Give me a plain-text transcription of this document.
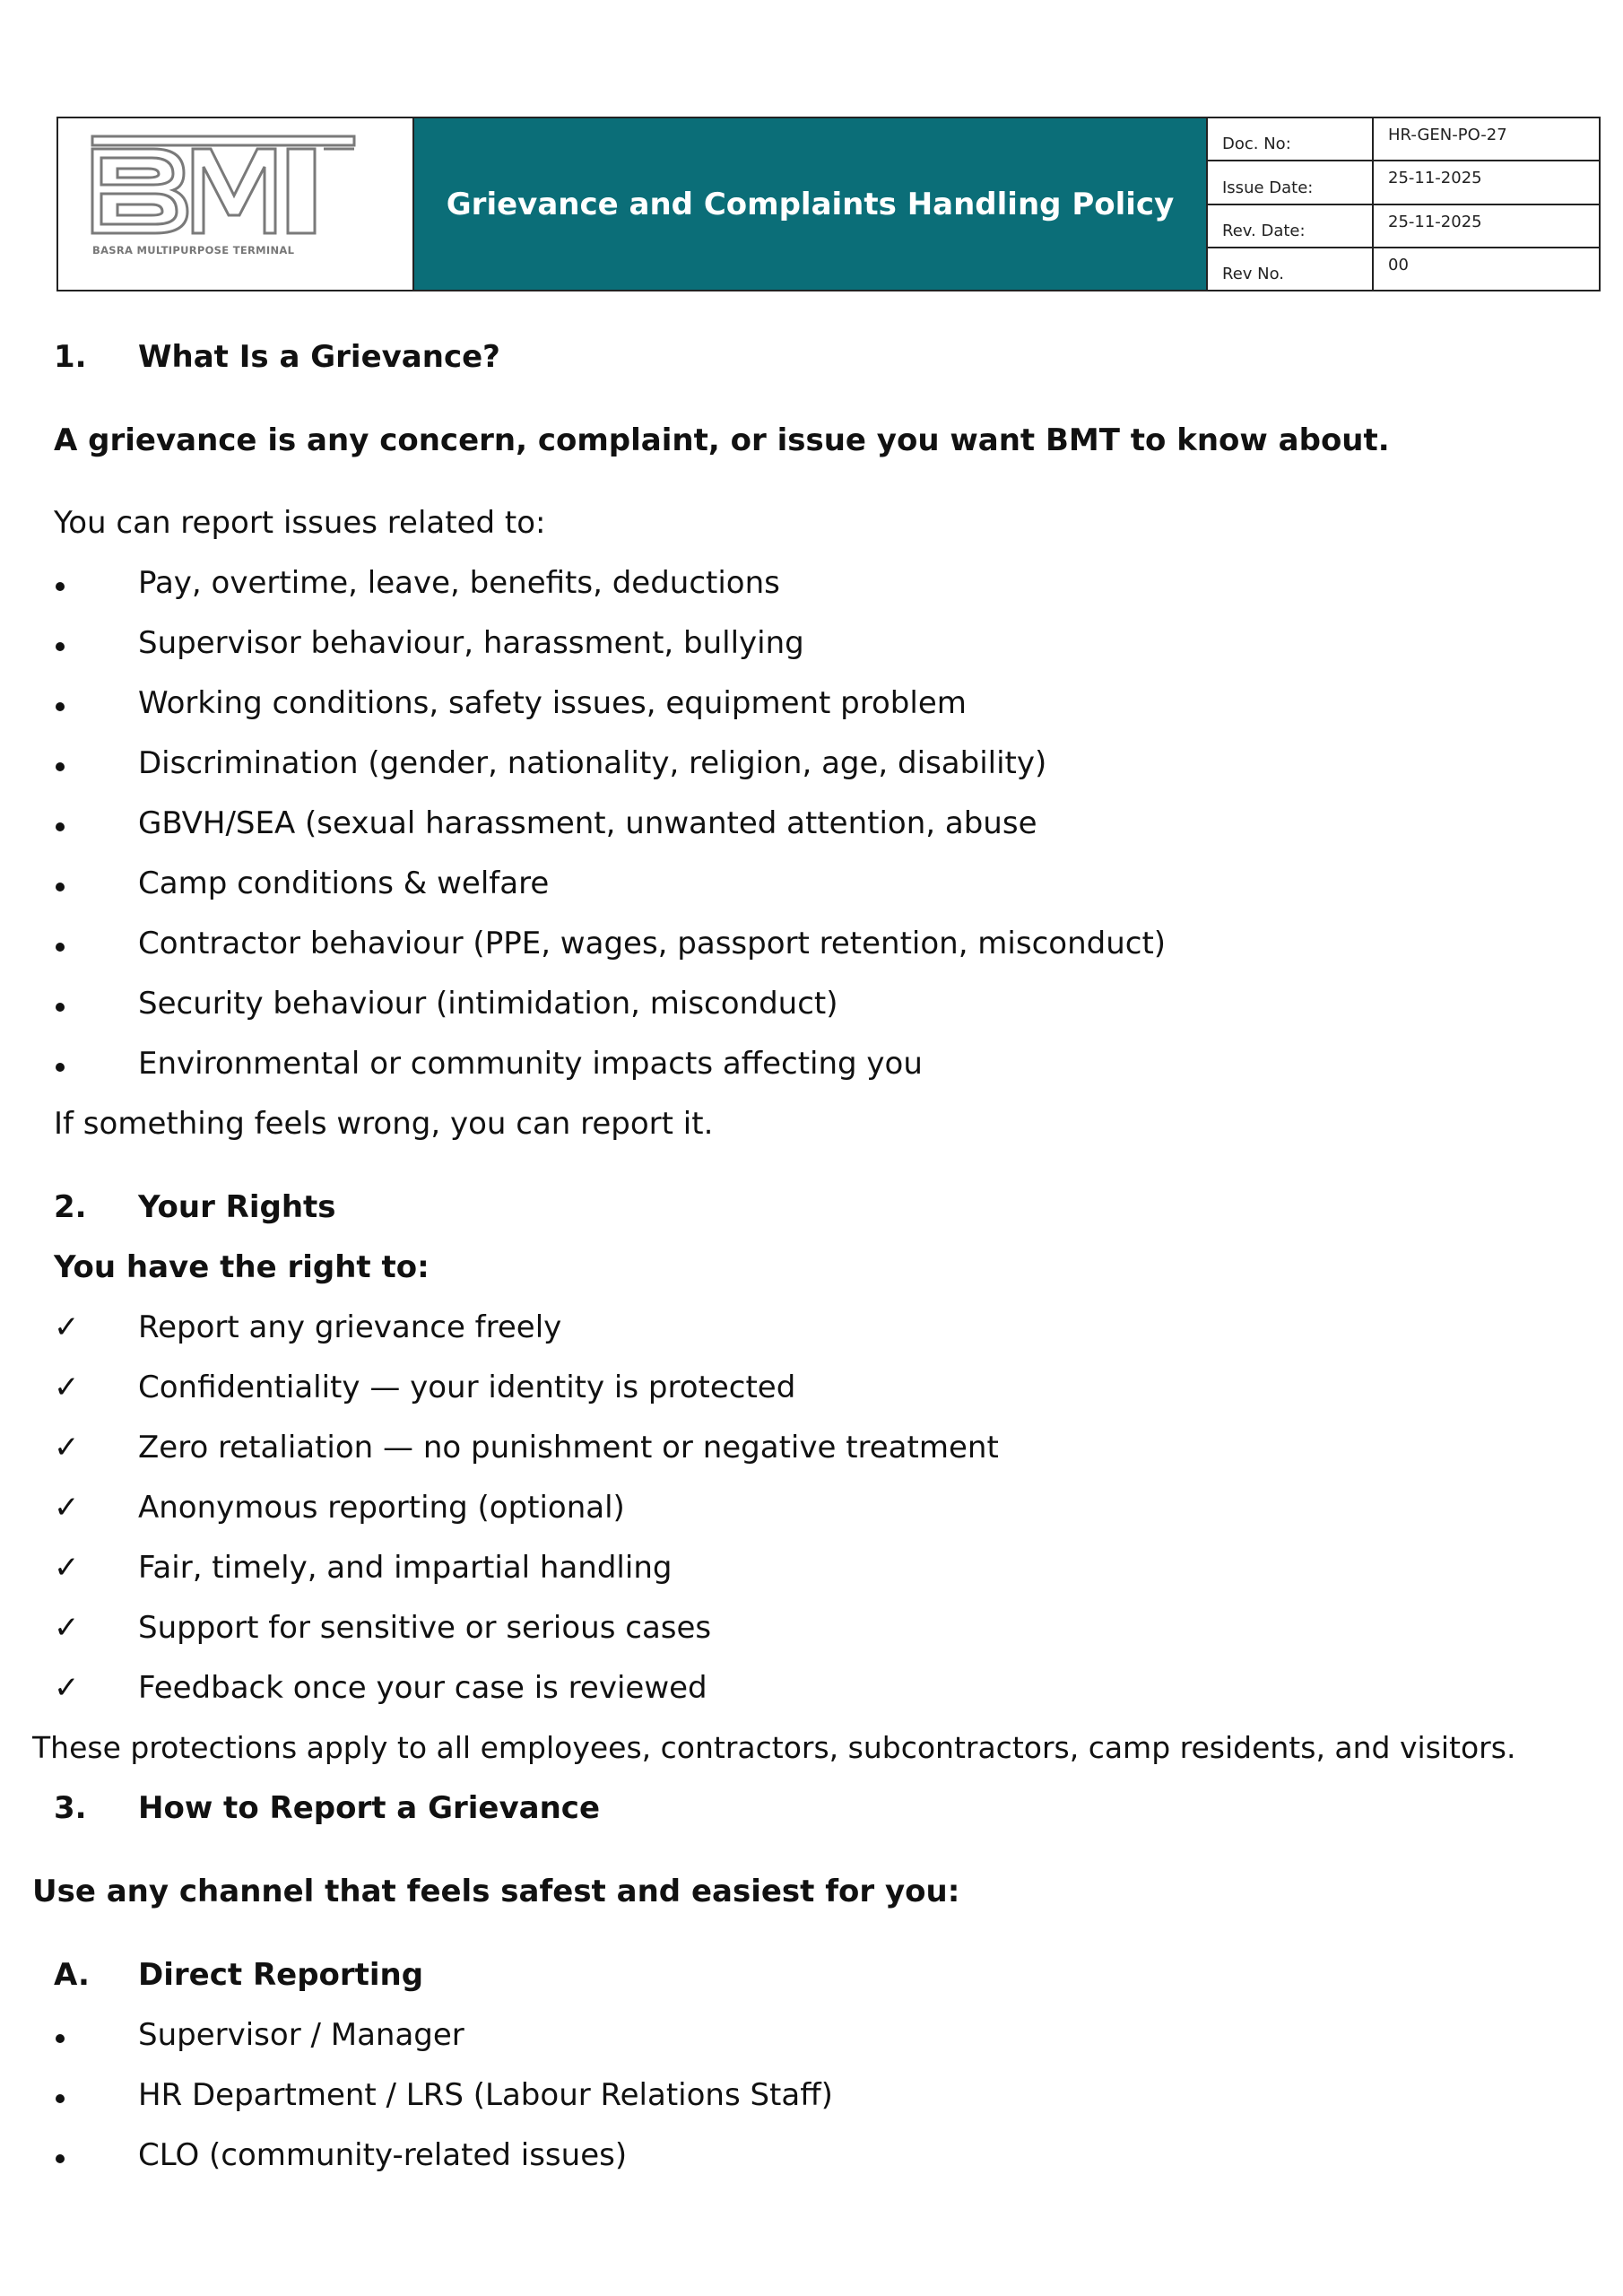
BASRA MULTIPURPOSE TERMINAL
Grievance and Complaints Handling Policy
Doc. No:	HR-GEN-PO-27
Issue Date:	25-11-2025
Rev. Date:	25-11-2025
Rev No.	00
1. What Is a Grievance?
A grievance is any concern, complaint, or issue you want BMT to know about.
You can report issues related to:
Pay, overtime, leave, benefits, deductions
Supervisor behaviour, harassment, bullying
Working conditions, safety issues, equipment problem
Discrimination (gender, nationality, religion, age, disability)
GBVH/SEA (sexual harassment, unwanted attention, abuse
Camp conditions & welfare
Contractor behaviour (PPE, wages, passport retention, misconduct)
Security behaviour (intimidation, misconduct)
Environmental or community impacts affecting you
If something feels wrong, you can report it.
2. Your Rights
You have the right to:
✓ Report any grievance freely
✓ Confidentiality — your identity is protected
✓ Zero retaliation — no punishment or negative treatment
✓ Anonymous reporting (optional)
✓ Fair, timely, and impartial handling
✓ Support for sensitive or serious cases
✓ Feedback once your case is reviewed
These protections apply to all employees, contractors, subcontractors, camp residents, and visitors.
3. How to Report a Grievance
Use any channel that feels safest and easiest for you:
A. Direct Reporting
Supervisor / Manager
HR Department / LRS (Labour Relations Staff)
CLO (community-related issues)
